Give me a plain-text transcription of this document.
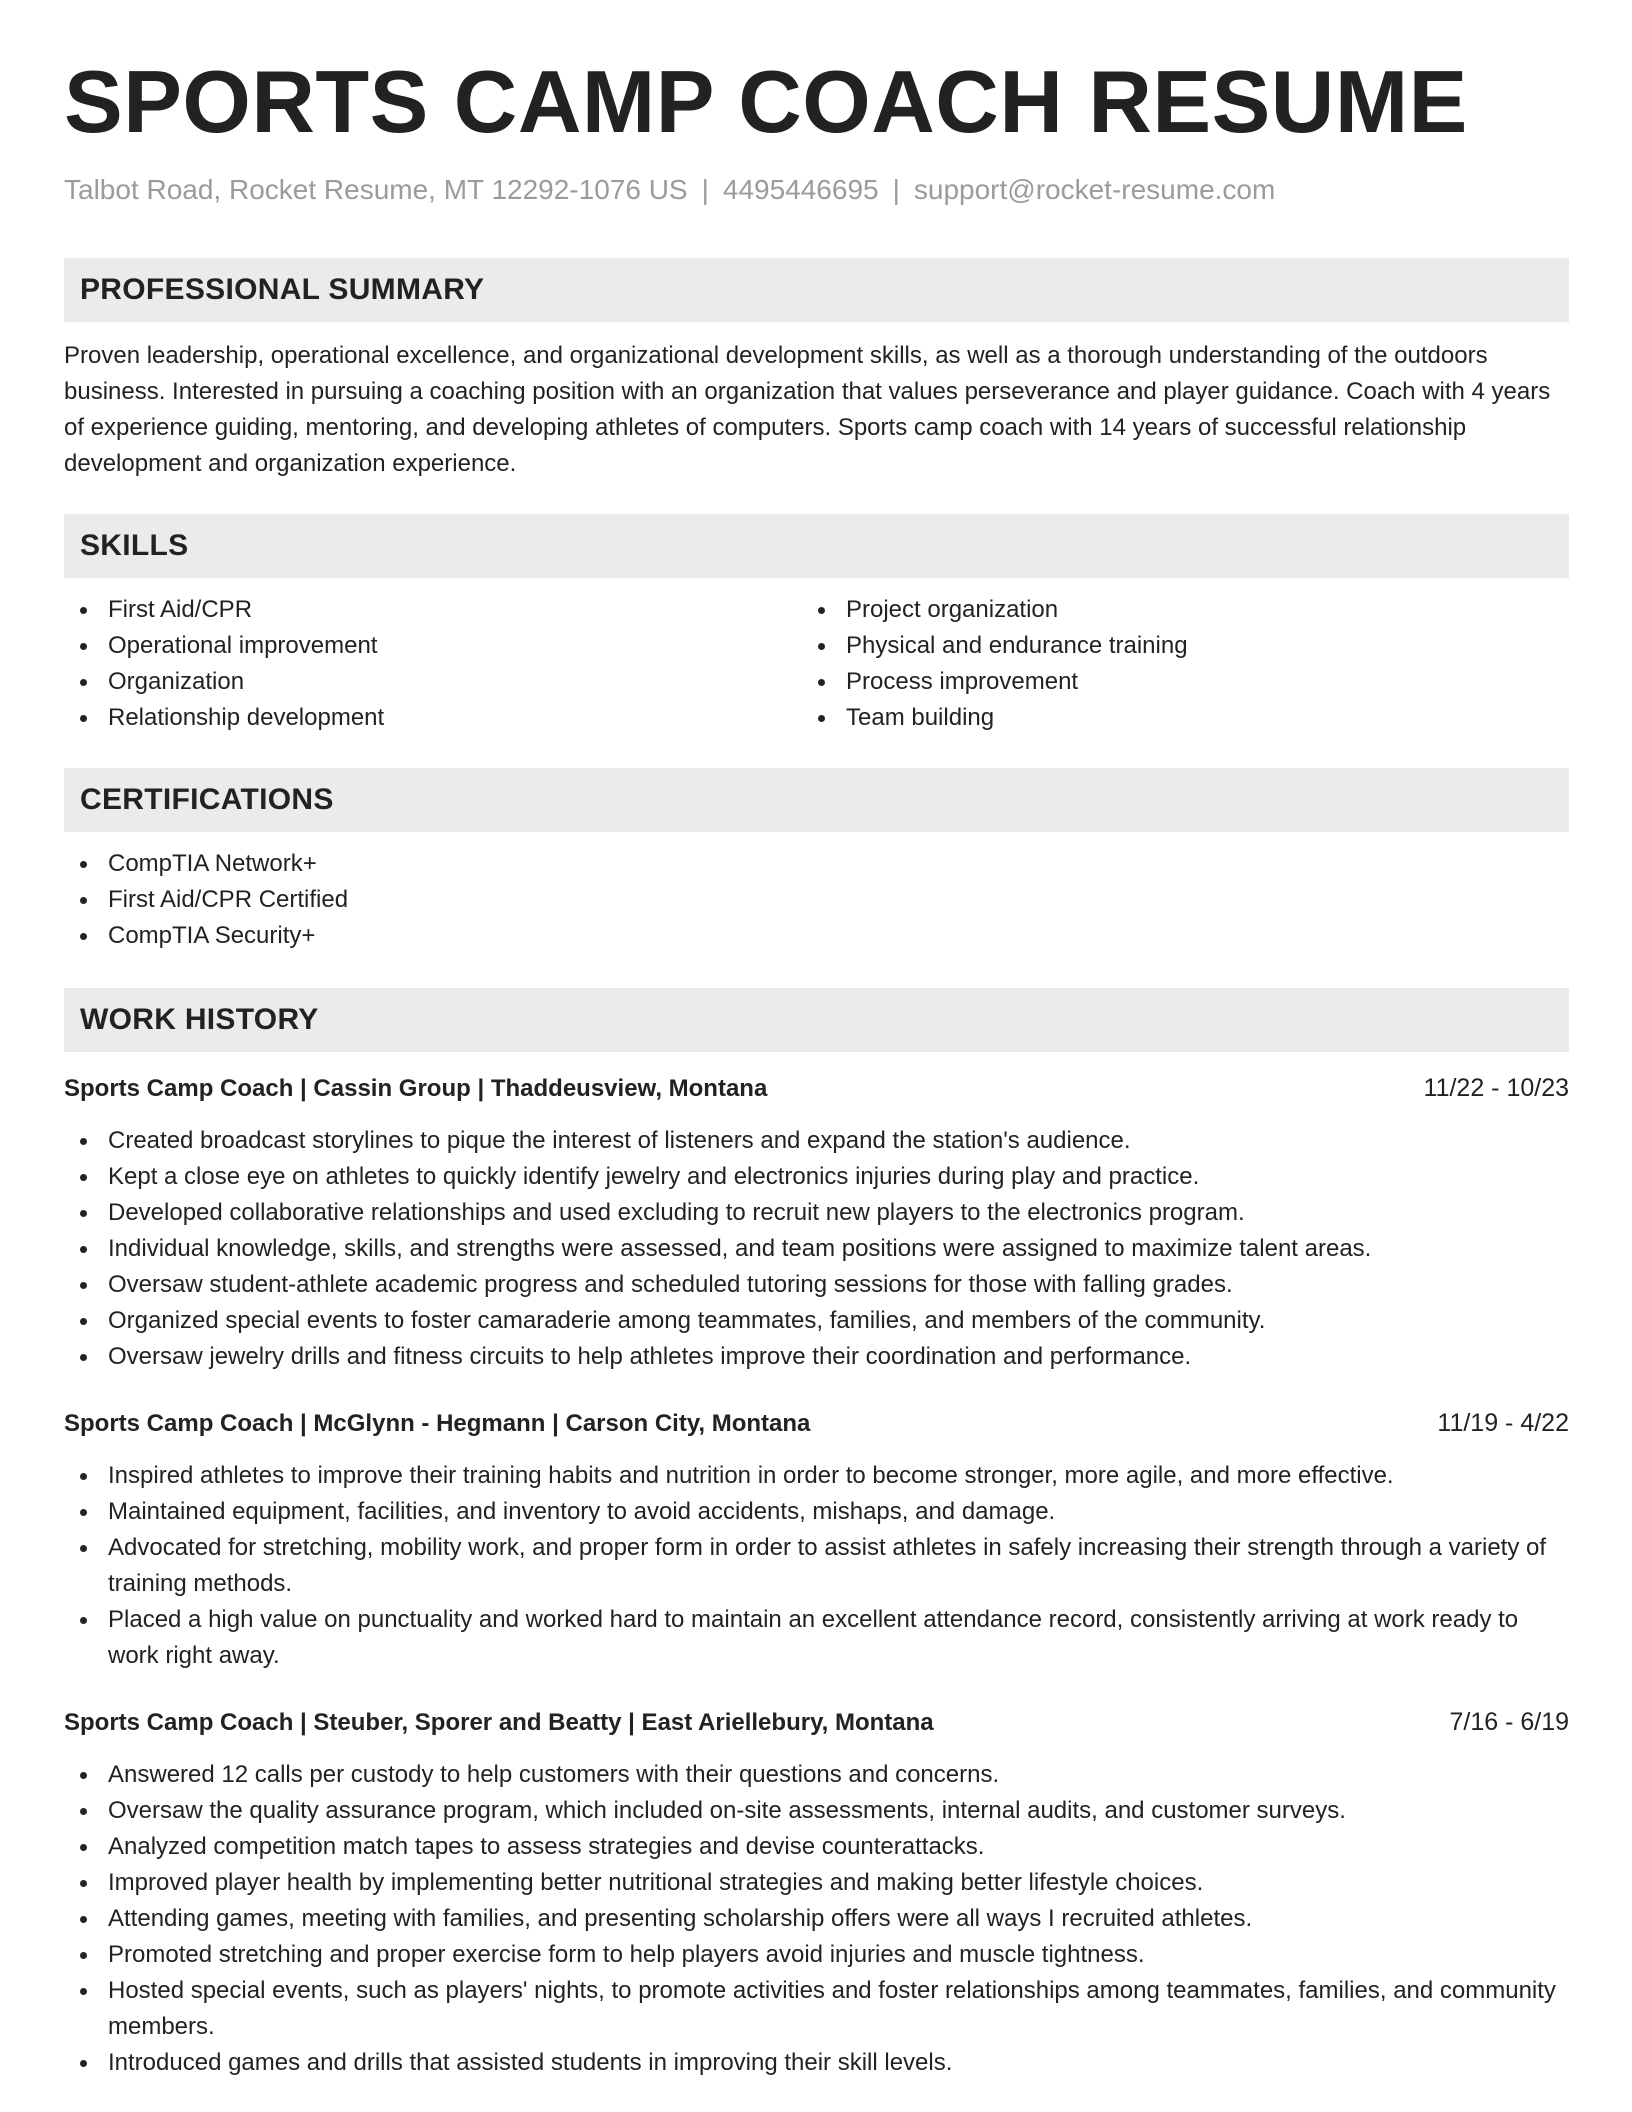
SPORTS CAMP COACH RESUME
Talbot Road, Rocket Resume, MT 12292-1076 US | 4495446695 | support@rocket-resume.com
PROFESSIONAL SUMMARY

Proven leadership, operational excellence, and organizational development skills, as well as a thorough understanding of the outdoors business. Interested in pursuing a coaching position with an organization that values perseverance and player guidance. Coach with 4 years of experience guiding, mentoring, and developing athletes of computers. Sports camp coach with 14 years of successful relationship development and organization experience.

SKILLS
First Aid/CPR
Operational improvement
Organization
Relationship development
Project organization
Physical and endurance training
Process improvement
Team building
CERTIFICATIONS
CompTIA Network+
First Aid/CPR Certified
CompTIA Security+
WORK HISTORY
Sports Camp Coach | Cassin Group | Thaddeusview, Montana	11/22 - 10/23
Created broadcast storylines to pique the interest of listeners and expand the station's audience.
Kept a close eye on athletes to quickly identify jewelry and electronics injuries during play and practice.
Developed collaborative relationships and used excluding to recruit new players to the electronics program.
Individual knowledge, skills, and strengths were assessed, and team positions were assigned to maximize talent areas.
Oversaw student-athlete academic progress and scheduled tutoring sessions for those with falling grades.
Organized special events to foster camaraderie among teammates, families, and members of the community.
Oversaw jewelry drills and fitness circuits to help athletes improve their coordination and performance.
Sports Camp Coach | McGlynn - Hegmann | Carson City, Montana	11/19 - 4/22
Inspired athletes to improve their training habits and nutrition in order to become stronger, more agile, and more effective.
Maintained equipment, facilities, and inventory to avoid accidents, mishaps, and damage.
Advocated for stretching, mobility work, and proper form in order to assist athletes in safely increasing their strength through a variety of training methods.
Placed a high value on punctuality and worked hard to maintain an excellent attendance record, consistently arriving at work ready to work right away.
Sports Camp Coach | Steuber, Sporer and Beatty | East Ariellebury, Montana	7/16 - 6/19
Answered 12 calls per custody to help customers with their questions and concerns.
Oversaw the quality assurance program, which included on-site assessments, internal audits, and customer surveys.
Analyzed competition match tapes to assess strategies and devise counterattacks.
Improved player health by implementing better nutritional strategies and making better lifestyle choices.
Attending games, meeting with families, and presenting scholarship offers were all ways I recruited athletes.
Promoted stretching and proper exercise form to help players avoid injuries and muscle tightness.
Hosted special events, such as players' nights, to promote activities and foster relationships among teammates, families, and community members.
Introduced games and drills that assisted students in improving their skill levels.
